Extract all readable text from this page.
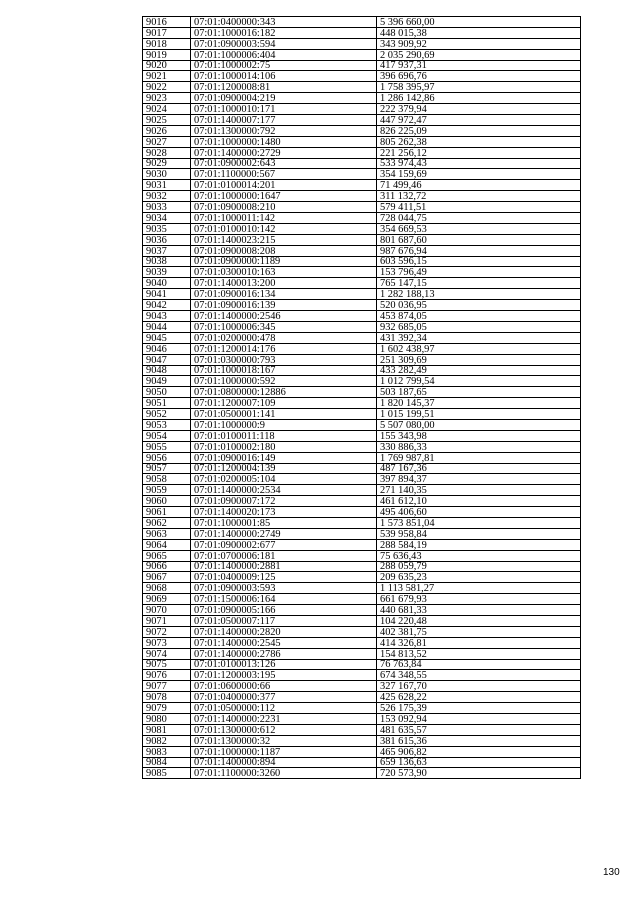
9016	07:01:0400000:343	5 396 660,00
9017	07:01:1000016:182	448 015,38
9018	07:01:0900003:594	343 909,92
9019	07:01:1000006:404	2 035 290,69
9020	07:01:1000002:75	417 937,31
9021	07:01:1000014:106	396 696,76
9022	07:01:1200008:81	1 758 395,97
9023	07:01:0900004:219	1 286 142,86
9024	07:01:1000010:171	222 379,94
9025	07:01:1400007:177	447 972,47
9026	07:01:1300000:792	826 225,09
9027	07:01:1000000:1480	805 262,38
9028	07:01:1400000:2729	221 256,12
9029	07:01:0900002:643	533 974,43
9030	07:01:1100000:567	354 159,69
9031	07:01:0100014:201	71 499,46
9032	07:01:1000000:1647	311 132,72
9033	07:01:0900008:210	579 411,51
9034	07:01:1000011:142	728 044,75
9035	07:01:0100010:142	354 669,53
9036	07:01:1400023:215	801 687,60
9037	07:01:0900008:208	987 676,94
9038	07:01:0900000:1189	603 596,15
9039	07:01:0300010:163	153 796,49
9040	07:01:1400013:200	765 147,15
9041	07:01:0900016:134	1 282 188,13
9042	07:01:0900016:139	520 036,95
9043	07:01:1400000:2546	453 874,05
9044	07:01:1000006:345	932 685,05
9045	07:01:0200000:478	431 392,34
9046	07:01:1200014:176	1 602 438,97
9047	07:01:0300000:793	251 309,69
9048	07:01:1000018:167	433 282,49
9049	07:01:1000000:592	1 012 799,54
9050	07:01:0800000:12886	503 187,65
9051	07:01:1200007:109	1 820 145,37
9052	07:01:0500001:141	1 015 199,51
9053	07:01:1000000:9	5 507 080,00
9054	07:01:0100011:118	155 343,98
9055	07:01:0100002:180	330 886,33
9056	07:01:0900016:149	1 769 987,81
9057	07:01:1200004:139	487 167,36
9058	07:01:0200005:104	397 894,37
9059	07:01:1400000:2534	271 140,35
9060	07:01:0900007:172	461 612,10
9061	07:01:1400020:173	495 406,60
9062	07:01:1000001:85	1 573 851,04
9063	07:01:1400000:2749	539 958,84
9064	07:01:0900002:677	288 584,19
9065	07:01:0700006:181	75 636,43
9066	07:01:1400000:2881	288 059,79
9067	07:01:0400009:125	209 635,23
9068	07:01:0900003:593	1 113 581,27
9069	07:01:1500006:164	661 679,93
9070	07:01:0900005:166	440 681,33
9071	07:01:0500007:117	104 220,48
9072	07:01:1400000:2820	402 381,75
9073	07:01:1400000:2545	414 326,81
9074	07:01:1400000:2786	154 813,52
9075	07:01:0100013:126	76 763,84
9076	07:01:1200003:195	674 348,55
9077	07:01:0600000:66	327 167,70
9078	07:01:0400000:377	425 628,22
9079	07:01:0500000:112	526 175,39
9080	07:01:1400000:2231	153 092,94
9081	07:01:1300000:612	481 635,57
9082	07:01:1300000:32	381 615,36
9083	07:01:1000000:1187	465 906,82
9084	07:01:1400000:894	659 136,63
9085	07:01:1100000:3260	720 573,90
130
